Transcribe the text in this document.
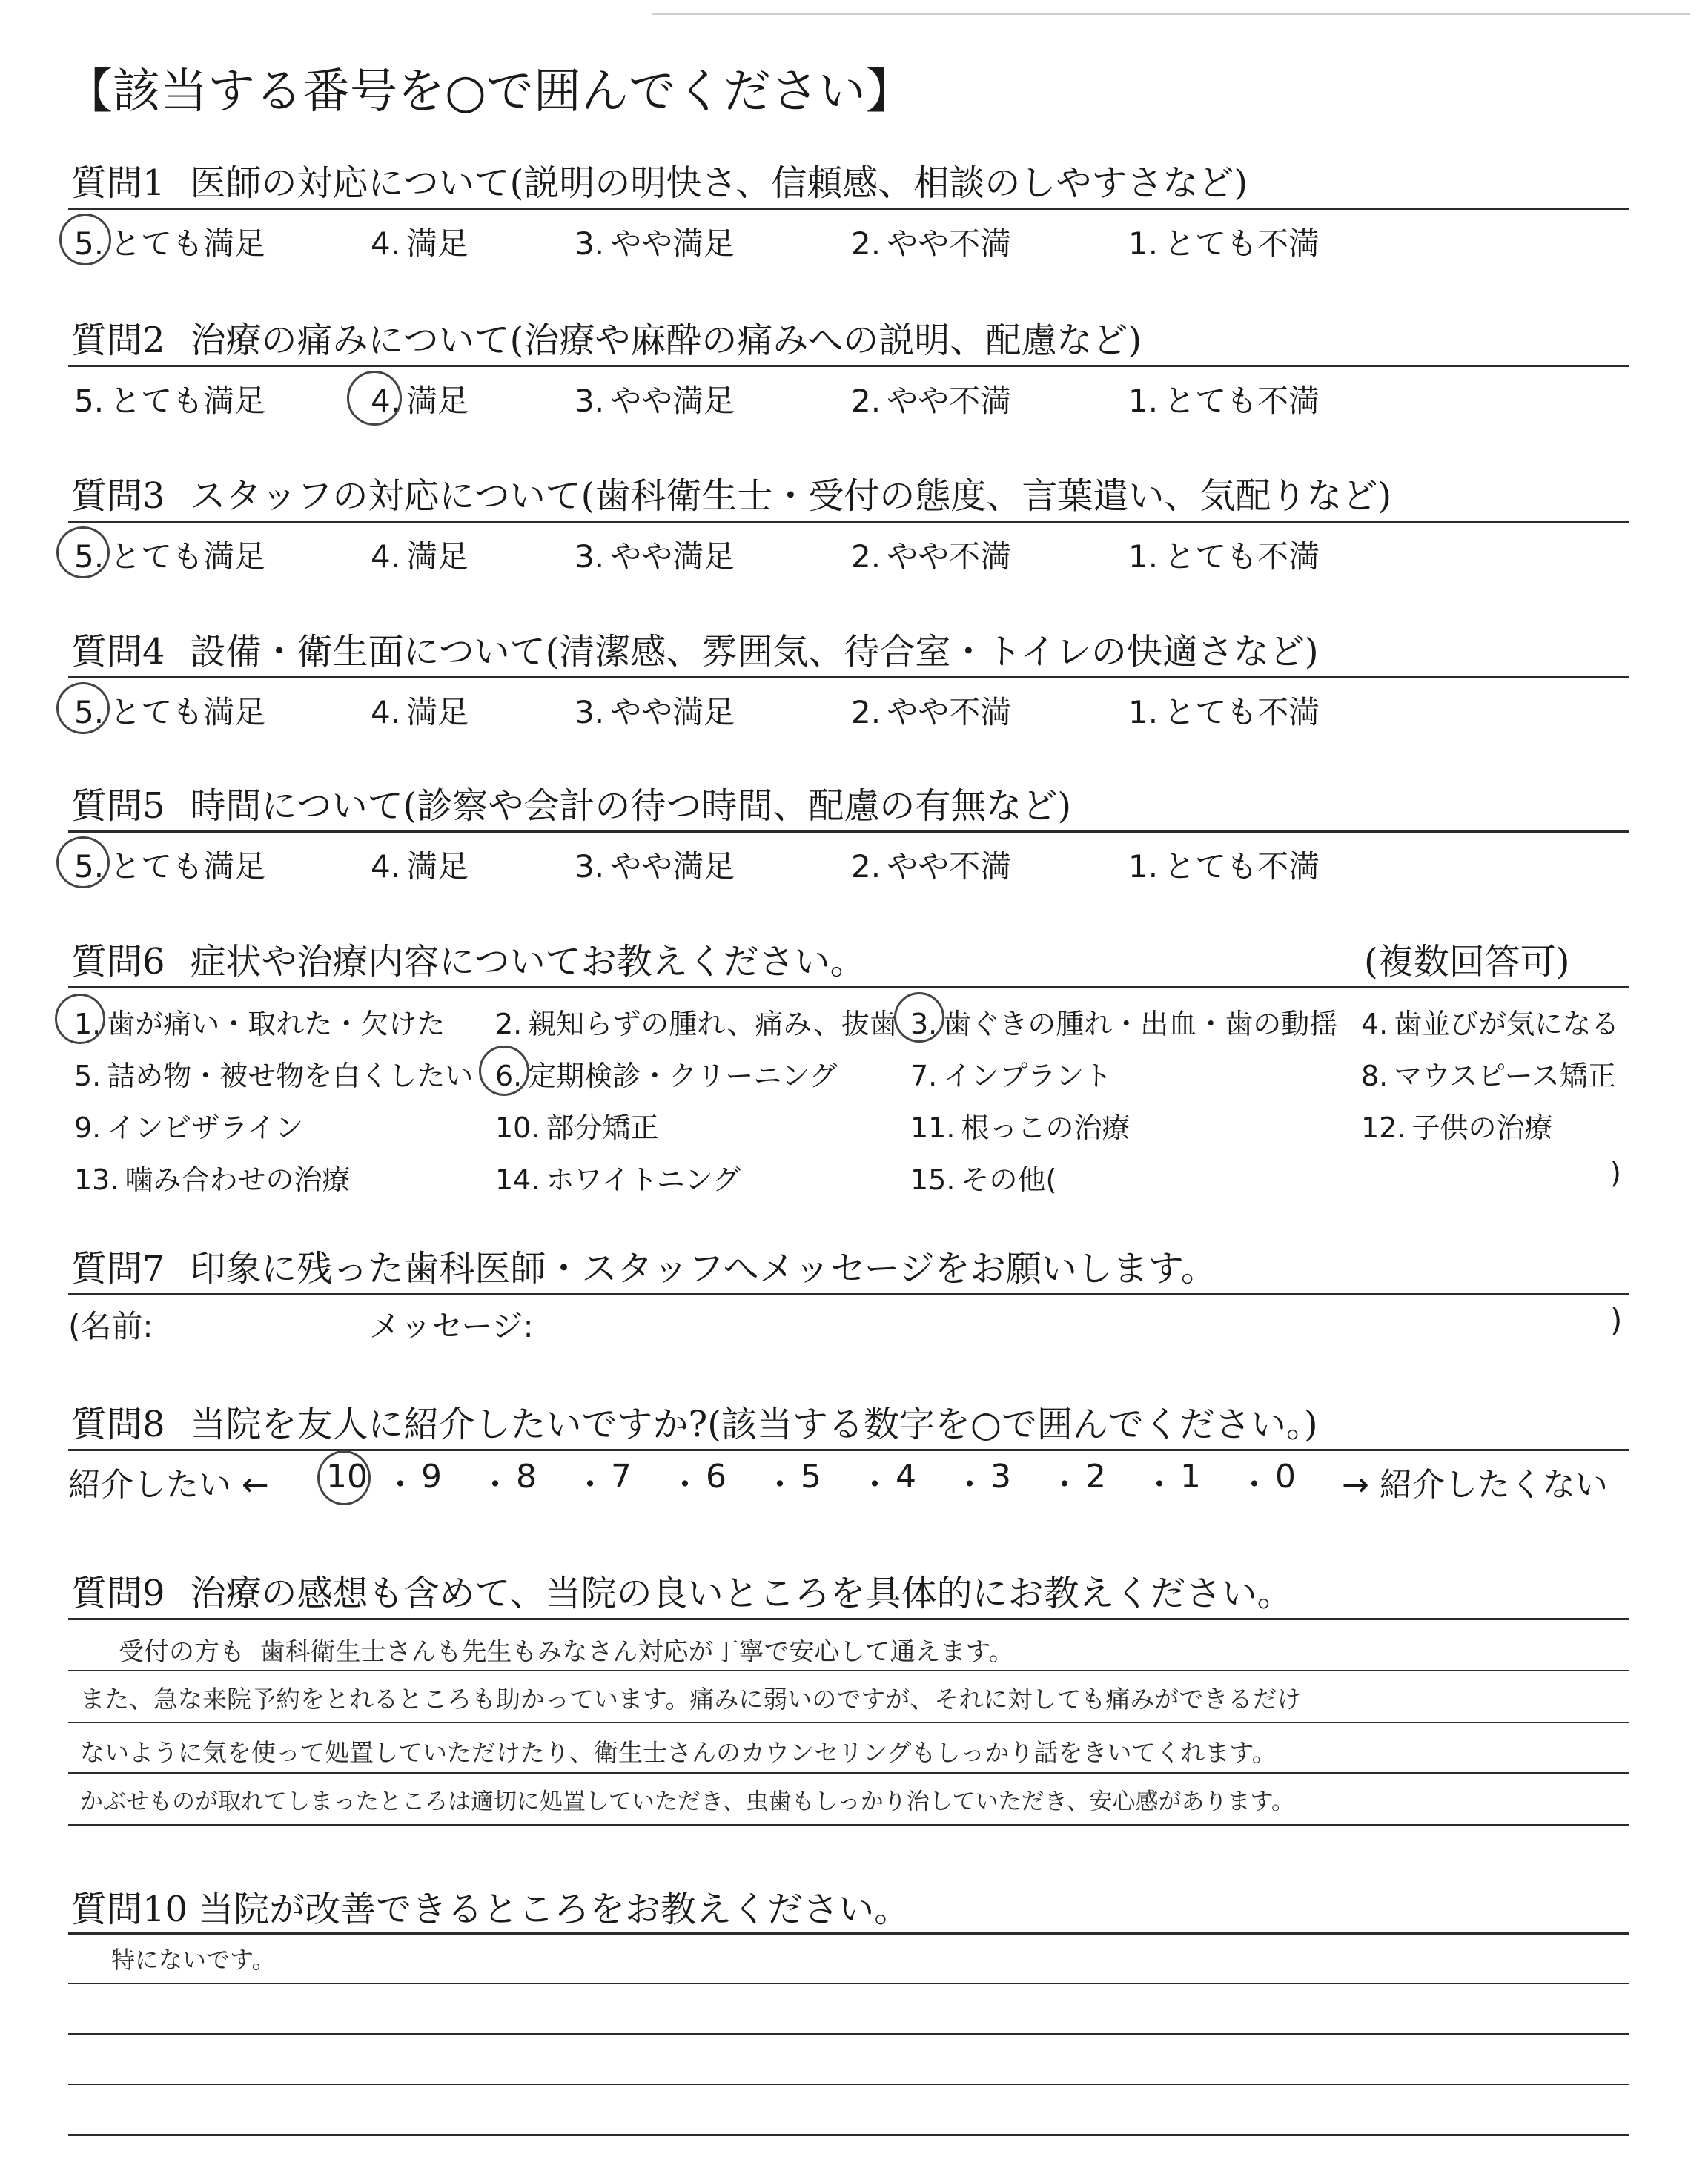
【該当する番号を○で囲んでください】
質問1 医師の対応について(説明の明快さ、信頼感、相談のしやすさなど)
5. とても満足	4. 満足	3. やや満足	2. やや不満	1. とても不満
質問2 治療の痛みについて(治療や麻酔の痛みへの説明、配慮など)
5. とても満足	4. 満足	3. やや満足	2. やや不満	1. とても不満
質問3 スタッフの対応について(歯科衛生士・受付の態度、言葉遣い、気配りなど)
5. とても満足	4. 満足	3. やや満足	2. やや不満	1. とても不満
質問4 設備・衛生面について(清潔感、雰囲気、待合室・トイレの快適さなど)
5. とても満足	4. 満足	3. やや満足	2. やや不満	1. とても不満
質問5 時間について(診察や会計の待つ時間、配慮の有無など)
5. とても満足	4. 満足	3. やや満足	2. やや不満	1. とても不満
質問6 症状や治療内容についてお教えください。	(複数回答可)
1. 歯が痛い・取れた・欠けた 2. 親知らずの腫れ、痛み、抜歯 3. 歯ぐきの腫れ・出血・歯の動揺 4. 歯並びが気になる
5. 詰め物・被せ物を白くしたい 6. 定期検診・クリーニング	7. インプラント	8. マウスピース矯正
9. インビザライン	10. 部分矯正	11. 根っこの治療	12. 子供の治療
13. 噛み合わせの治療	14. ホワイトニング	15. その他(	)
質問7 印象に残った歯科医師・スタッフへメッセージをお願いします。
(名前:	メッセージ:	)
質問8 当院を友人に紹介したいですか?(該当する数字を○で囲んでください。)
紹介したい ←	→ 紹介したくない
10 ・ 9 ・ 8 ・ 7 ・ 6 ・ 5 ・ 4 ・ 3 ・ 2 ・ 1 ・ 0
質問9 治療の感想も含めて、当院の良いところを具体的にお教えください。
受付の方も 歯科衛生士さんも先生もみなさん対応が丁寧で安心して通えます。
また、急な来院予約をとれるところも助かっています。痛みに弱いのですが、それに対しても痛みができるだけ
ないように気を使って処置していただけたり、衛生士さんのカウンセリングもしっかり話をきいてくれます。
かぶせものが取れてしまったところは適切に処置していただき、虫歯もしっかり治していただき、安心感があります。
質問10 当院が改善できるところをお教えください。
特にないです。
